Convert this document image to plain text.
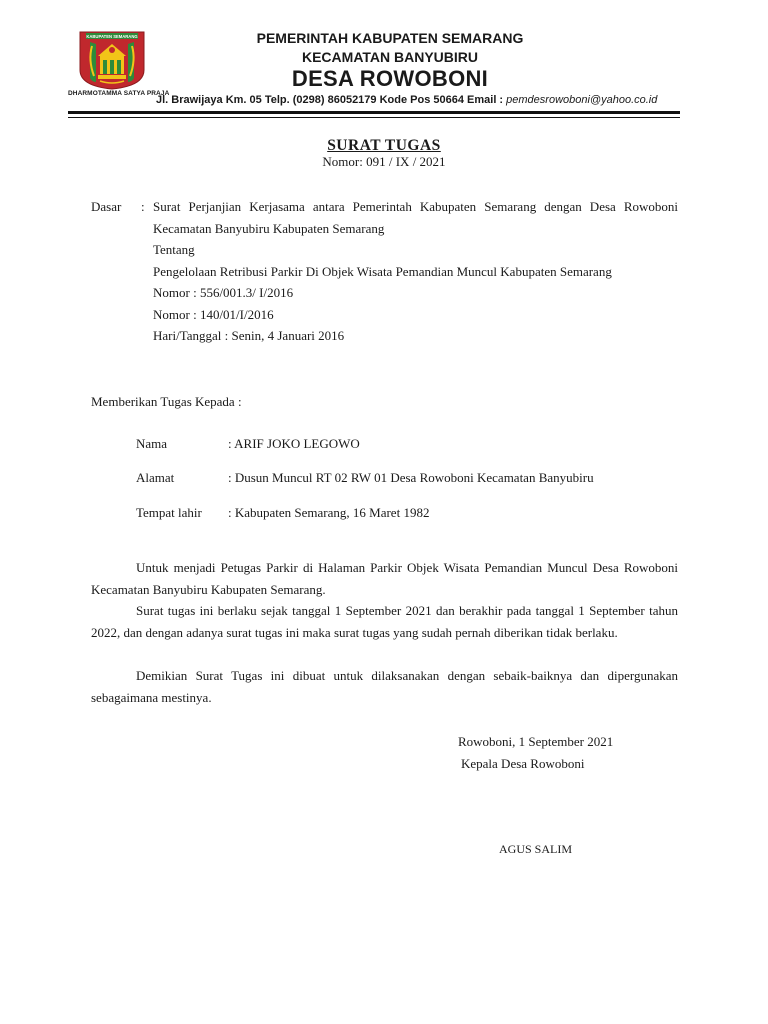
KABUPATEN SEMARANG
DHARMOTAMMA SATYA PRAJA
PEMERINTAH KABUPATEN SEMARANG
KECAMATAN BANYUBIRU
DESA ROWOBONI
Jl. Brawijaya Km. 05 Telp. (0298) 86052179 Kode Pos 50664 Email : pemdesrowoboni@yahoo.co.id
SURAT TUGAS
Nomor: 091 / IX / 2021
Dasar : Surat Perjanjian Kerjasama antara Pemerintah Kabupaten Semarang dengan Desa Rowoboni Kecamatan Banyubiru Kabupaten Semarang
Tentang
Pengelolaan Retribusi Parkir Di Objek Wisata Pemandian Muncul Kabupaten Semarang
Nomor : 556/001.3/ I/2016
Nomor : 140/01/I/2016
Hari/Tanggal : Senin, 4 Januari 2016
Memberikan Tugas Kepada :
Nama	: ARIF JOKO LEGOWO
Alamat	: Dusun Muncul RT 02 RW 01 Desa Rowoboni Kecamatan Banyubiru
Tempat lahir : Kabupaten Semarang, 16 Maret 1982
Untuk menjadi Petugas Parkir di Halaman Parkir Objek Wisata Pemandian Muncul Desa Rowoboni Kecamatan Banyubiru Kabupaten Semarang.
Surat tugas ini berlaku sejak tanggal 1 September 2021 dan berakhir pada tanggal 1 September tahun 2022, dan dengan adanya surat tugas ini maka surat tugas yang sudah pernah diberikan tidak berlaku.
Demikian Surat Tugas ini dibuat untuk dilaksanakan dengan sebaik-baiknya dan dipergunakan sebagaimana mestinya.
Rowoboni, 1 September 2021
Kepala Desa Rowoboni
AGUS SALIM
